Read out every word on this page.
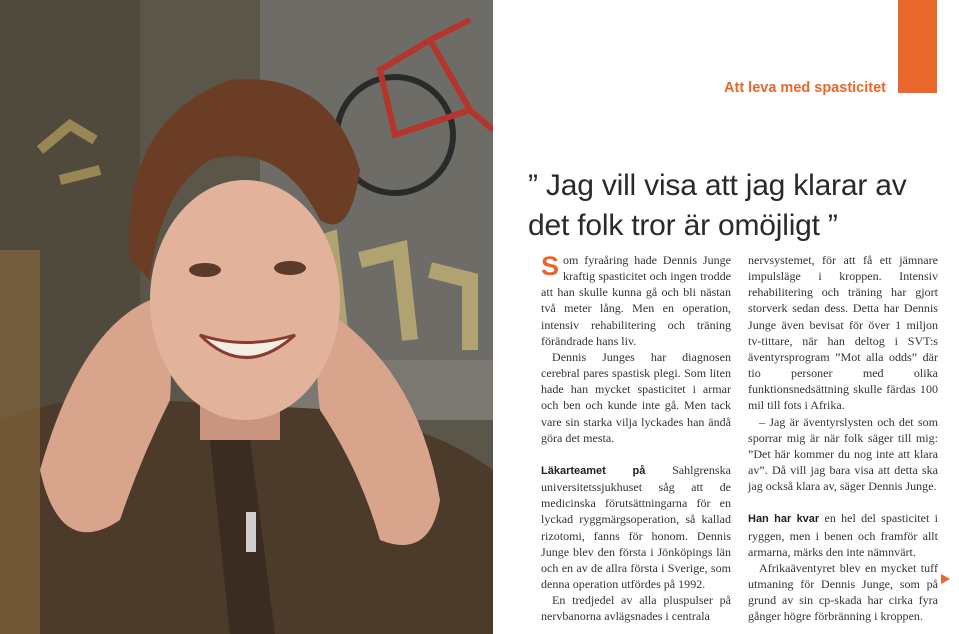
Att leva med spasticitet
” Jag vill visa att jag klarar av
det folk tror är omöjligt ”

Som fyraåring hade Dennis Junge kraftig spasticitet och ingen trodde att han skulle kunna gå och bli nästan två meter lång. Men en operation, intensiv rehabilitering och träning förändrade hans liv.

Dennis Junges har diagnosen cerebral pares spastisk plegi. Som liten hade han mycket spasticitet i armar och ben och kunde inte gå. Men tack vare sin starka vilja lyckades han ändå göra det mesta.

Läkarteamet på Sahlgrenska universitetssjukhuset såg att de medicinska förutsättningarna för en lyckad ryggmärgsoperation, så kallad rizotomi, fanns för honom. Dennis Junge blev den första i Jönköpings län och en av de allra första i Sverige, som denna operation utfördes på 1992.

En tredjedel av alla pluspulser på nervbanorna avlägsnades i centrala

nervsystemet, för att få ett jämnare impulsläge i kroppen. Intensiv rehabilitering och träning har gjort storverk sedan dess. Detta har Dennis Junge även bevisat för över 1 miljon tv-tittare, när han deltog i SVT:s äventyrsprogram ”Mot alla odds” där tio personer med olika funktionsnedsättning skulle färdas 100 mil till fots i Afrika.

– Jag är äventyrslysten och det som sporrar mig är när folk säger till mig: ”Det här kommer du nog inte att klara av”. Då vill jag bara visa att detta ska jag också klara av, säger Dennis Junge.

Han har kvar en hel del spasticitet i ryggen, men i benen och framför allt armarna, märks den inte nämnvärt.

Afrikaäventyret blev en mycket tuff utmaning för Dennis Junge, som på grund av sin cp-skada har cirka fyra gånger högre förbränning i kroppen.
